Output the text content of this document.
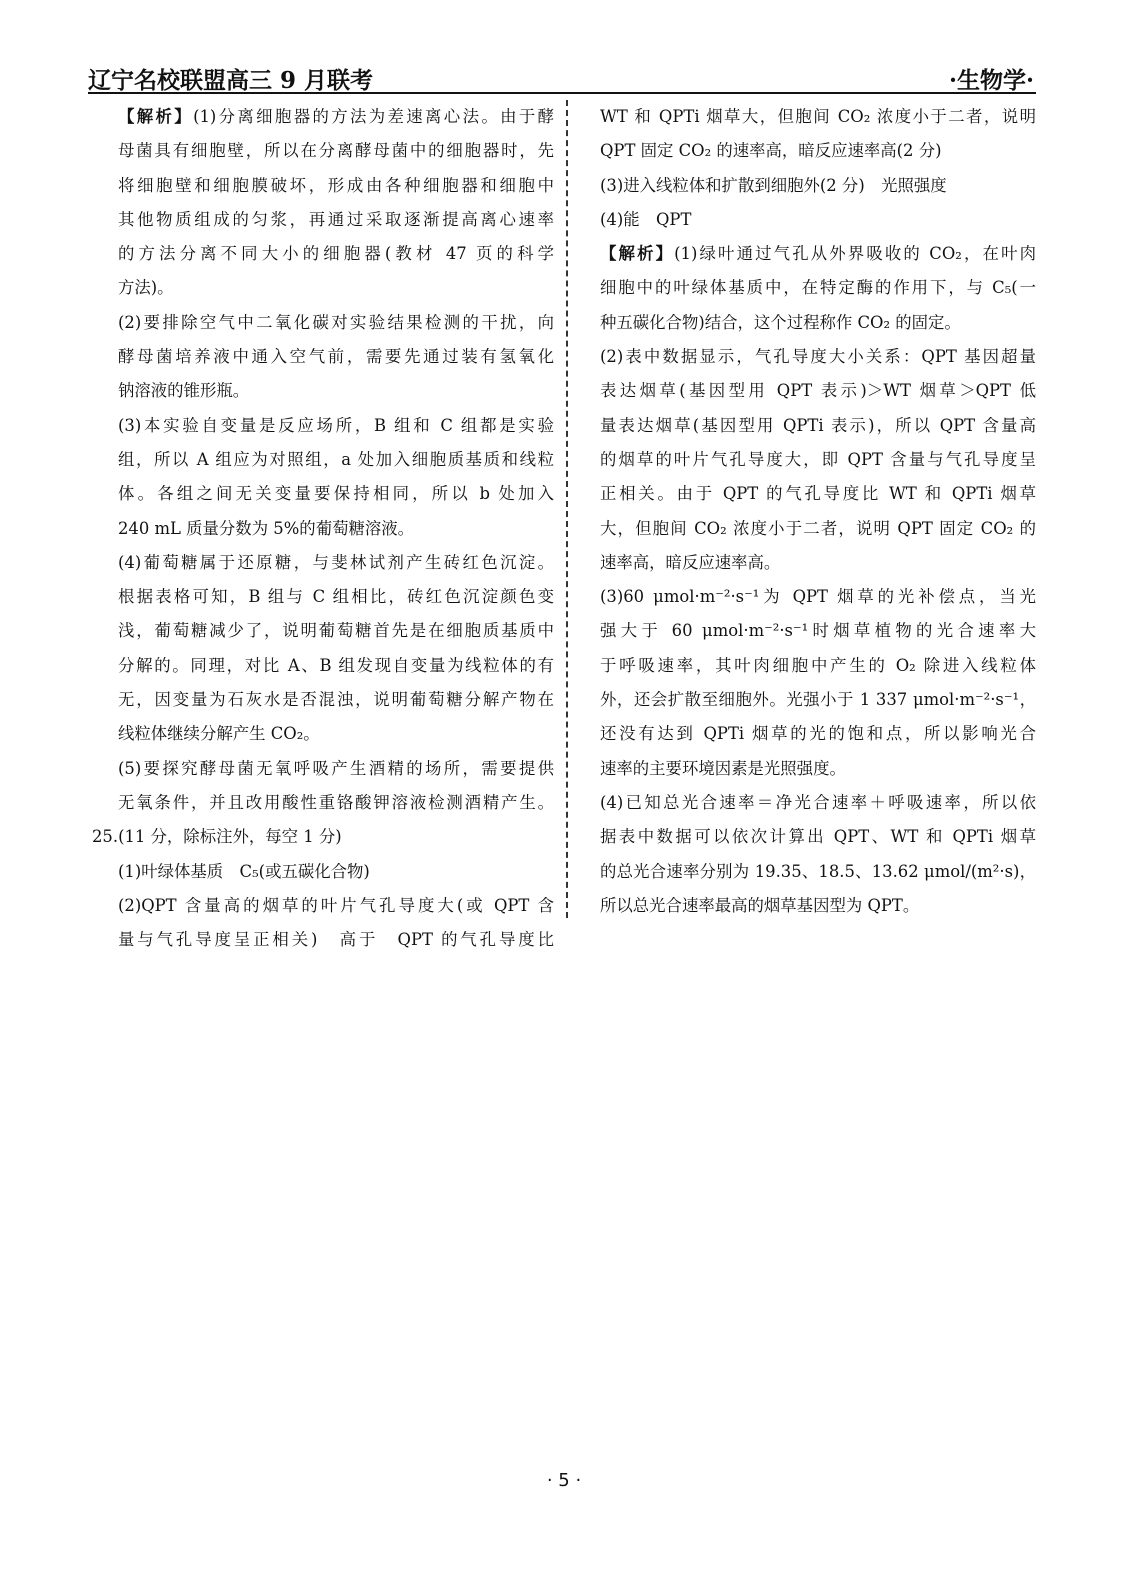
辽宁名校联盟高三 9 月联考	·生物学·
【解析】(1)分离细胞器的方法为差速离心法。由于酵
母菌具有细胞壁，所以在分离酵母菌中的细胞器时，先
将细胞壁和细胞膜破坏，形成由各种细胞器和细胞中
其他物质组成的匀浆，再通过采取逐渐提高离心速率
的方法分离不同大小的细胞器(教材 47 页的科学
方法)。
(2)要排除空气中二氧化碳对实验结果检测的干扰，向
酵母菌培养液中通入空气前，需要先通过装有氢氧化
钠溶液的锥形瓶。
(3)本实验自变量是反应场所，B 组和 C 组都是实验
组，所以 A 组应为对照组，a 处加入细胞质基质和线粒
体。各组之间无关变量要保持相同，所以 b 处加入
240 mL 质量分数为 5%的葡萄糖溶液。
(4)葡萄糖属于还原糖，与斐林试剂产生砖红色沉淀。
根据表格可知，B 组与 C 组相比，砖红色沉淀颜色变
浅，葡萄糖减少了，说明葡萄糖首先是在细胞质基质中
分解的。同理，对比 A、B 组发现自变量为线粒体的有
无，因变量为石灰水是否混浊，说明葡萄糖分解产物在
线粒体继续分解产生 CO₂。
(5)要探究酵母菌无氧呼吸产生酒精的场所，需要提供
无氧条件，并且改用酸性重铬酸钾溶液检测酒精产生。
25.(11 分，除标注外，每空 1 分)
(1)叶绿体基质　C₅(或五碳化合物)
(2)QPT 含量高的烟草的叶片气孔导度大(或 QPT 含
量与气孔导度呈正相关)　高于　QPT 的气孔导度比
WT 和 QPTi 烟草大，但胞间 CO₂ 浓度小于二者，说明
QPT 固定 CO₂ 的速率高，暗反应速率高(2 分)
(3)进入线粒体和扩散到细胞外(2 分)　光照强度
(4)能　QPT
【解析】(1)绿叶通过气孔从外界吸收的 CO₂，在叶肉
细胞中的叶绿体基质中，在特定酶的作用下，与 C₅(一
种五碳化合物)结合，这个过程称作 CO₂ 的固定。
(2)表中数据显示，气孔导度大小关系：QPT 基因超量
表达烟草(基因型用 QPT 表示)＞WT 烟草＞QPT 低
量表达烟草(基因型用 QPTi 表示)，所以 QPT 含量高
的烟草的叶片气孔导度大，即 QPT 含量与气孔导度呈
正相关。由于 QPT 的气孔导度比 WT 和 QPTi 烟草
大，但胞间 CO₂ 浓度小于二者，说明 QPT 固定 CO₂ 的
速率高，暗反应速率高。
(3)60 μmol·m⁻²·s⁻¹为 QPT 烟草的光补偿点，当光
强大于 60 μmol·m⁻²·s⁻¹时烟草植物的光合速率大
于呼吸速率，其叶肉细胞中产生的 O₂ 除进入线粒体
外，还会扩散至细胞外。光强小于 1 337 μmol·m⁻²·s⁻¹，
还没有达到 QPTi 烟草的光的饱和点，所以影响光合
速率的主要环境因素是光照强度。
(4)已知总光合速率＝净光合速率＋呼吸速率，所以依
据表中数据可以依次计算出 QPT、WT 和 QPTi 烟草
的总光合速率分别为 19.35、18.5、13.62 μmol/(m²·s)，
所以总光合速率最高的烟草基因型为 QPT。
· 5 ·
